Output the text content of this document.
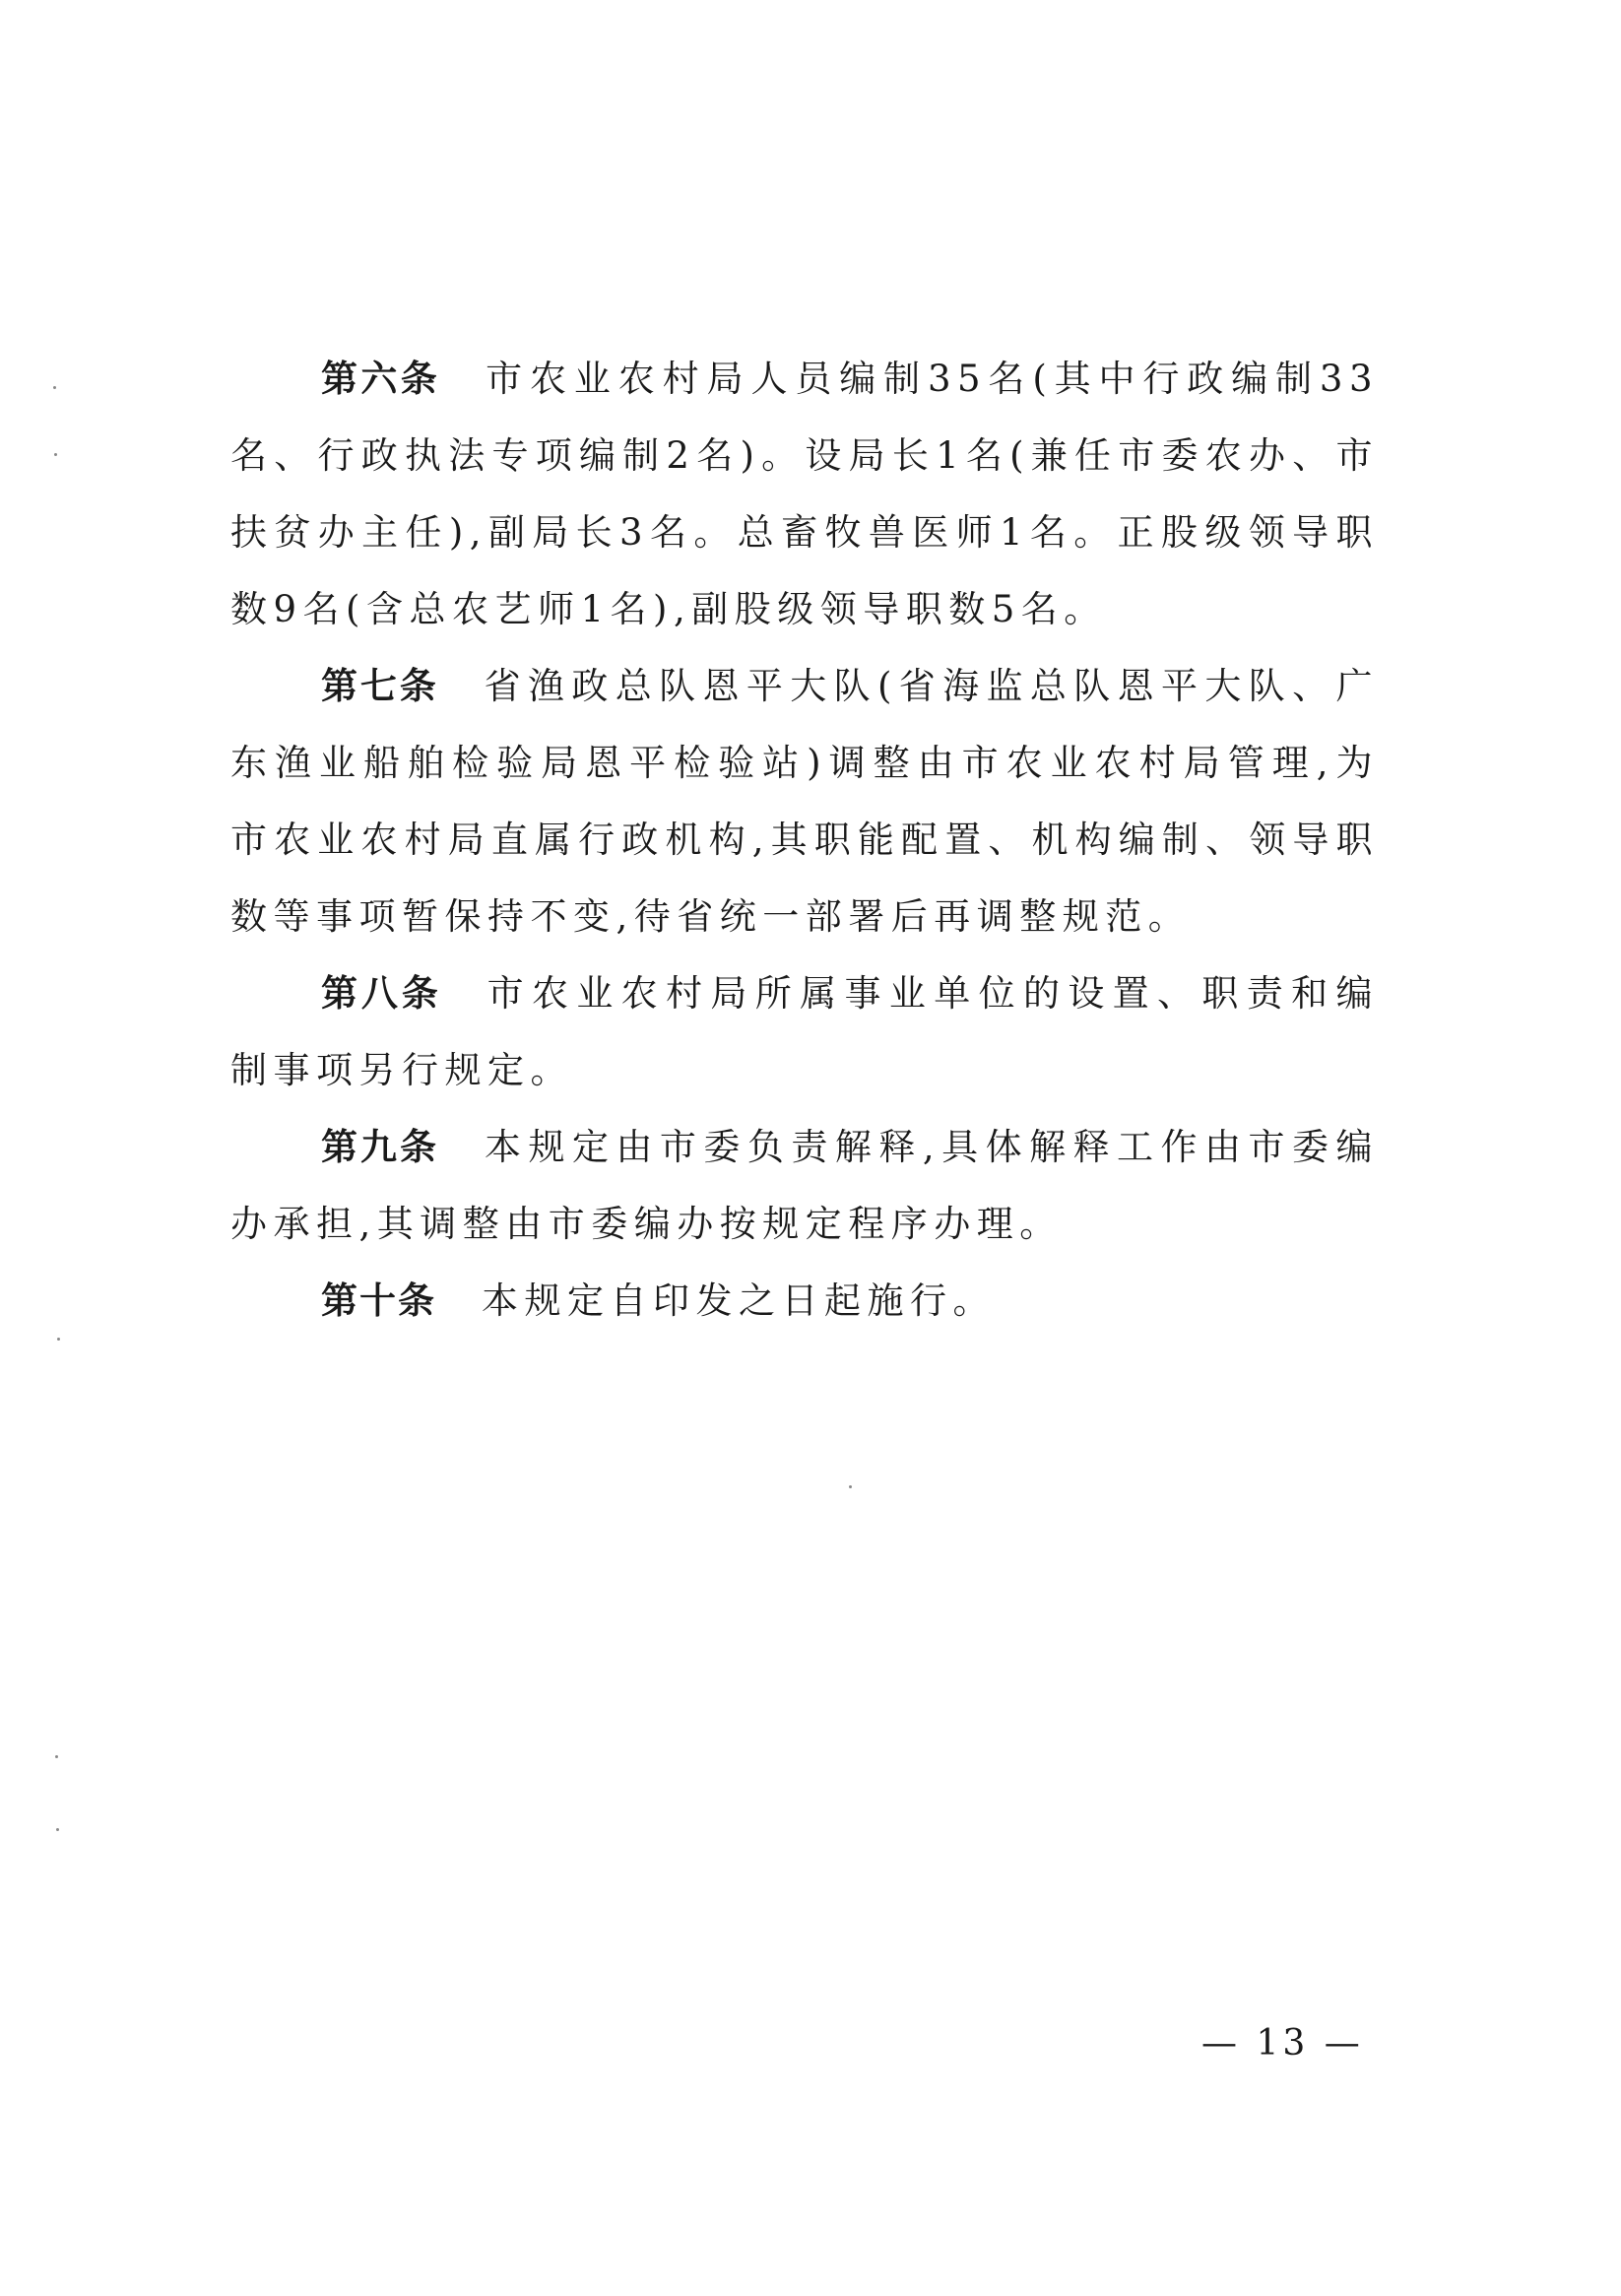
第六条 市农业农村局人员编制35名(其中行政编制33名、行政执法专项编制2名)。设局长1名(兼任市委农办、市扶贫办主任),副局长3名。总畜牧兽医师1名。正股级领导职数9名(含总农艺师1名),副股级领导职数5名。

第七条 省渔政总队恩平大队(省海监总队恩平大队、广东渔业船舶检验局恩平检验站)调整由市农业农村局管理,为市农业农村局直属行政机构,其职能配置、机构编制、领导职数等事项暂保持不变,待省统一部署后再调整规范。

第八条 市农业农村局所属事业单位的设置、职责和编制事项另行规定。

第九条 本规定由市委负责解释,具体解释工作由市委编办承担,其调整由市委编办按规定程序办理。

第十条 本规定自印发之日起施行。

— 13 —
